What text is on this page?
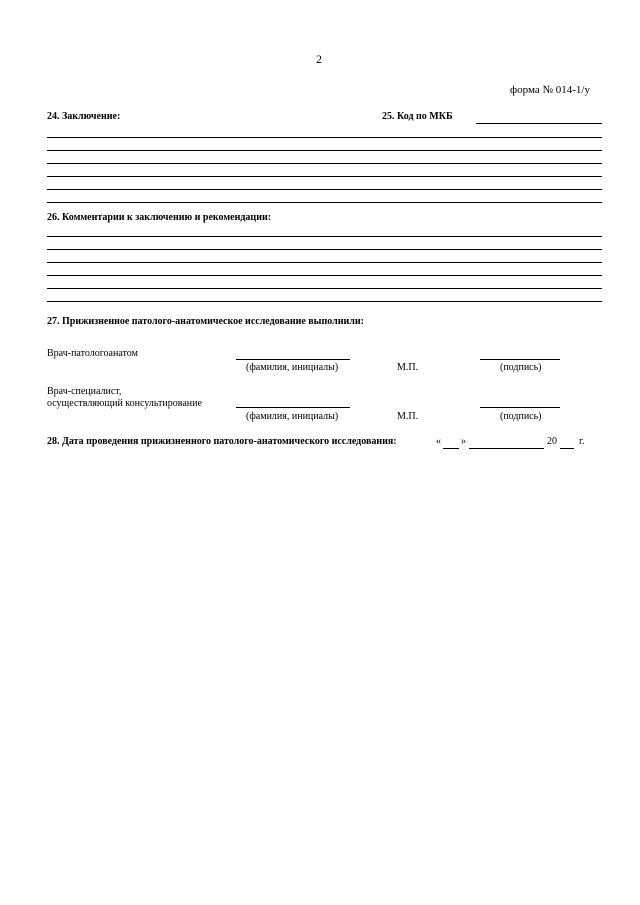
2
форма № 014-1/у
24. Заключение:	25. Код по МКБ
26. Комментарии к заключению и рекомендации:
27. Прижизненное патолого-анатомическое исследование выполнили:
Врач-патологоанатом
(фамилия, инициалы)	М.П.	(подпись)
Врач-специалист,
осуществляющий консультирование
(фамилия, инициалы)	М.П.	(подпись)
28. Дата проведения прижизненного патолого-анатомического исследования:	« »	20 г.
